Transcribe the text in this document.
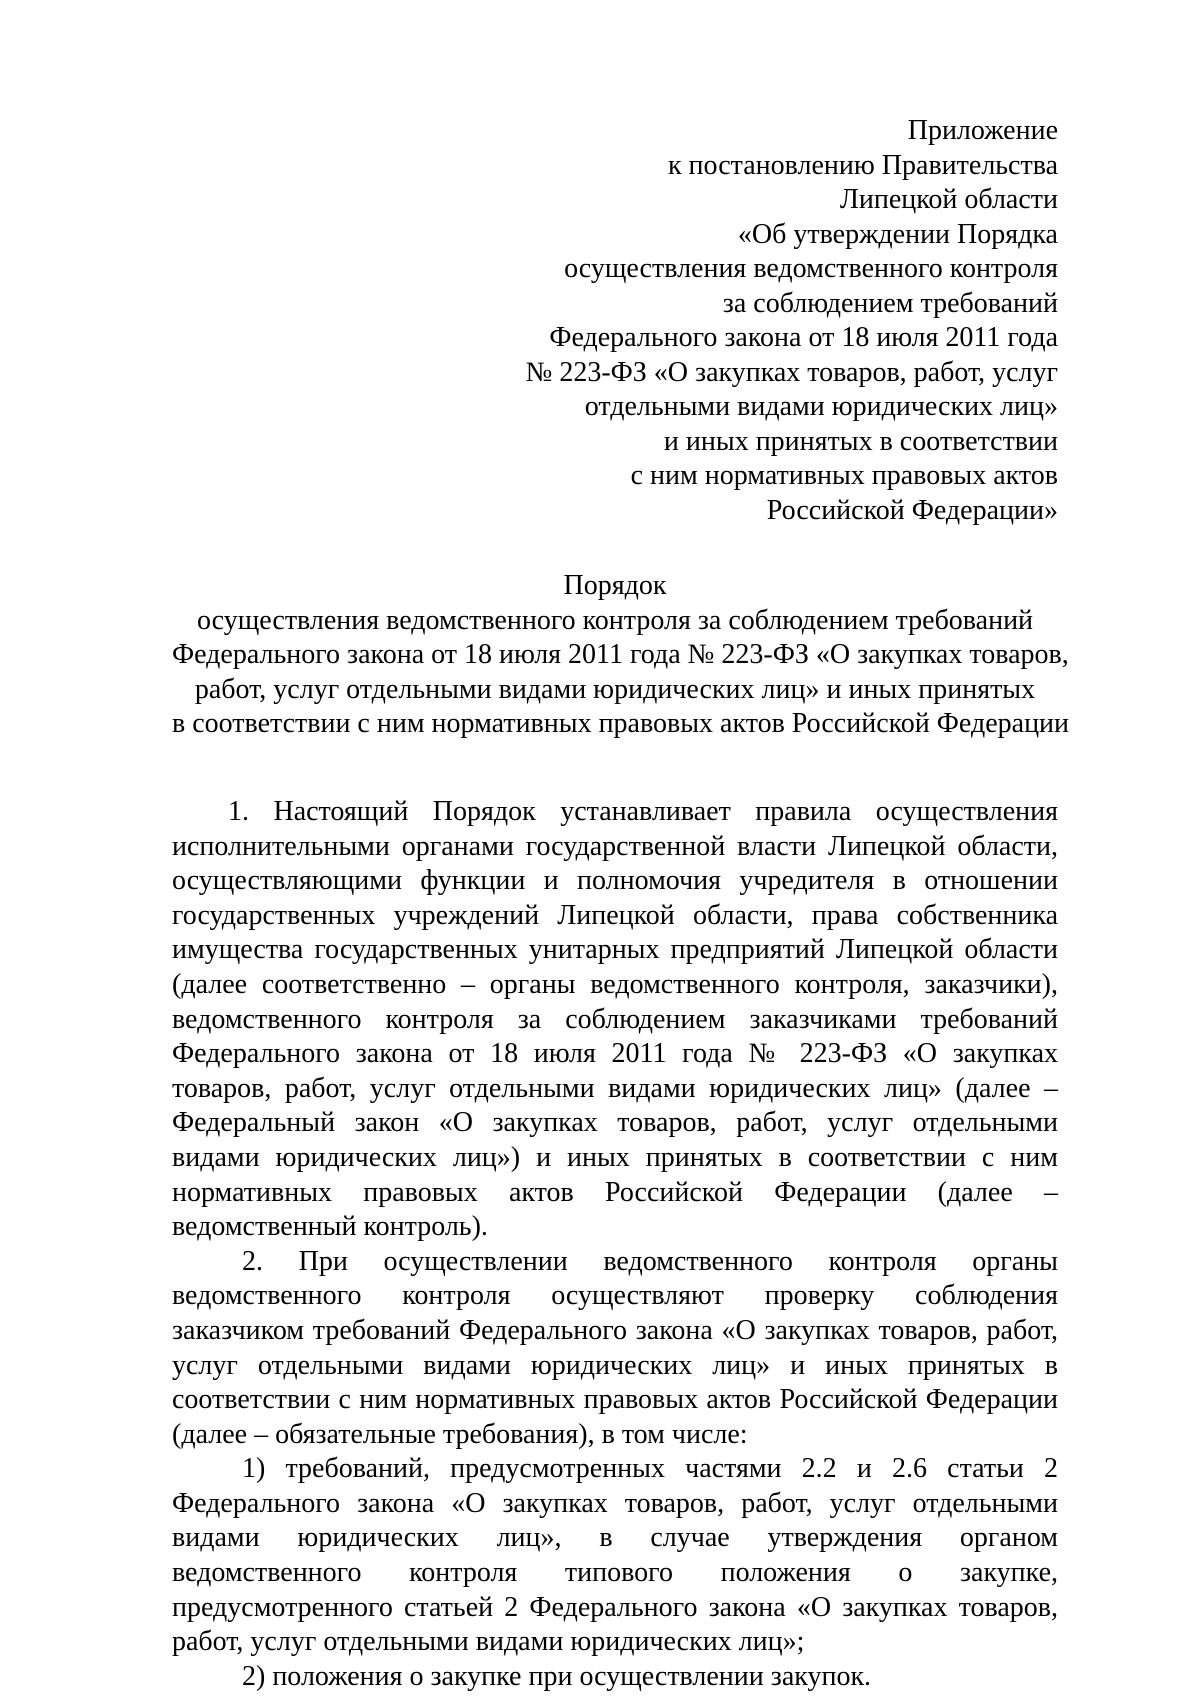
Приложение
к постановлению Правительства
Липецкой области
«Об утверждении Порядка
осуществления ведомственного контроля
за соблюдением требований
Федерального закона от 18 июля 2011 года
№ 223-ФЗ «О закупках товаров, работ, услуг
отдельными видами юридических лиц»
и иных принятых в соответствии
с ним нормативных правовых актов
Российской Федерации»
Порядок
осуществления ведомственного контроля за соблюдением требований
Федерального закона от 18 июля 2011 года № 223-ФЗ «О закупках товаров,
работ, услуг отдельными видами юридических лиц» и иных принятых
в соответствии с ним нормативных правовых актов Российской Федерации

1. Настоящий Порядок устанавливает правила осуществления исполнительными органами государственной власти Липецкой области, осуществляющими функции и полномочия учредителя в отношении государственных учреждений Липецкой области, права собственника имущества государственных унитарных предприятий Липецкой области (далее соответственно – органы ведомственного контроля, заказчики), ведомственного контроля за соблюдением заказчиками требований Федерального закона от 18 июля 2011 года № 223-ФЗ «О закупках товаров, работ, услуг отдельными видами юридических лиц» (далее – Федеральный закон «О закупках товаров, работ, услуг отдельными видами юридических лиц») и иных принятых в соответствии с ним нормативных правовых актов Российской Федерации (далее – ведомственный контроль).

2. При осуществлении ведомственного контроля органы ведомственного контроля осуществляют проверку соблюдения заказчиком требований Федерального закона «О закупках товаров, работ, услуг отдельными видами юридических лиц» и иных принятых в соответствии с ним нормативных правовых актов Российской Федерации (далее – обязательные требования), в том числе:

1) требований, предусмотренных частями 2.2 и 2.6 статьи 2 Федерального закона «О закупках товаров, работ, услуг отдельными видами юридических лиц», в случае утверждения органом ведомственного контроля типового положения о закупке, предусмотренного статьей 2 Федерального закона «О закупках товаров, работ, услуг отдельными видами юридических лиц»;

2) положения о закупке при осуществлении закупок.
